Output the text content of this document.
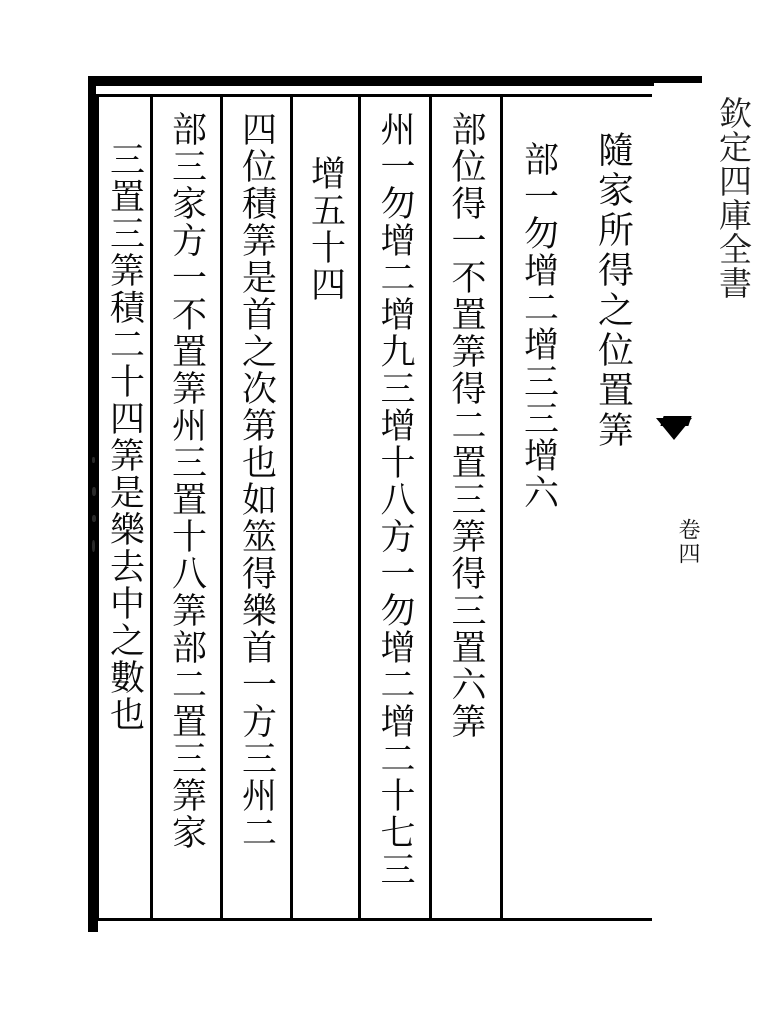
欽定四庫全書
卷四
隨家所得之位置筭
部一勿增二增三三增六
部位得一不置筭得二置三筭得三置六筭
州一勿增二增九三增十八方一勿增二增二十七三
增五十四
四位積筭是首之次第也如筮得樂首一方三州二
部三家方一不置筭州三置十八筭部二置三筭家
三置三筭積二十四筭是樂去中之數也
